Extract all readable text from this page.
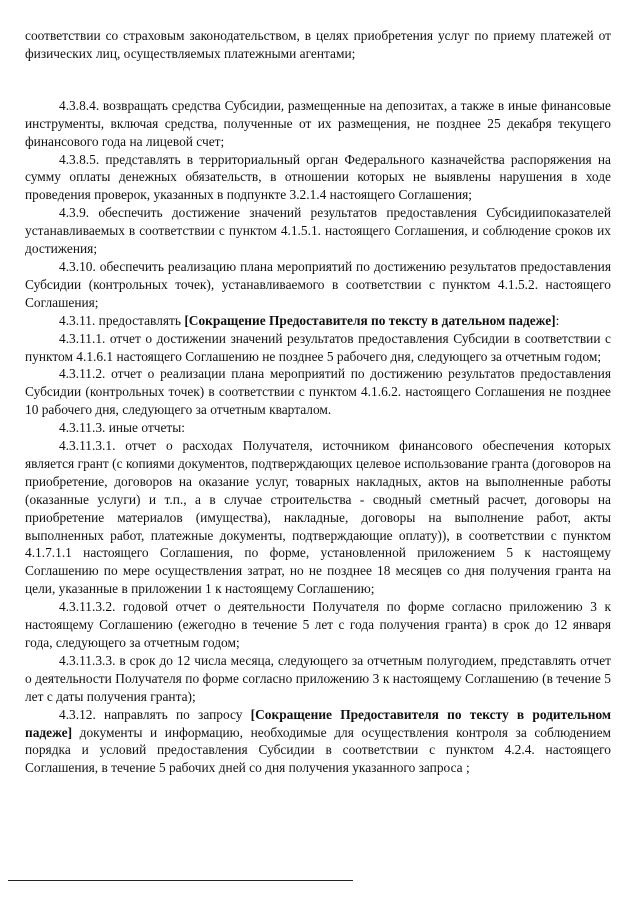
соответствии со страховым законодательством, в целях приобретения услуг по приему платежей от физических лиц, осуществляемых платежными агентами;

4.3.8.4. возвращать средства Субсидии, размещенные на депозитах, а также в иные финансовые инструменты, включая средства, полученные от их размещения, не позднее 25 декабря текущего финансового года на лицевой счет;

4.3.8.5. представлять в территориальный орган Федерального казначейства распоряжения на сумму оплаты денежных обязательств, в отношении которых не выявлены нарушения в ходе проведения проверок, указанных в подпункте 3.2.1.4 настоящего Соглашения;

4.3.9. обеспечить достижение значений результатов предоставления Субсидиипоказателей устанавливаемых в соответствии с пунктом 4.1.5.1. настоящего Соглашения, и соблюдение сроков их достижения;

4.3.10. обеспечить реализацию плана мероприятий по достижению результатов предоставления Субсидии (контрольных точек), устанавливаемого в соответствии с пунктом 4.1.5.2. настоящего Соглашения;

4.3.11. предоставлять [Сокращение Предоставителя по тексту в дательном падеже]:

4.3.11.1. отчет о достижении значений результатов предоставления Субсидии в соответствии с пунктом 4.1.6.1 настоящего Соглашению не позднее 5 рабочего дня, следующего за отчетным годом;

4.3.11.2. отчет о реализации плана мероприятий по достижению результатов предоставления Субсидии (контрольных точек) в соответствии с пунктом 4.1.6.2. настоящего Соглашения не позднее 10 рабочего дня, следующего за отчетным кварталом.

4.3.11.3. иные отчеты:

4.3.11.3.1. отчет о расходах Получателя, источником финансового обеспечения которых является грант (с копиями документов, подтверждающих целевое использование гранта (договоров на приобретение, договоров на оказание услуг, товарных накладных, актов на выполненные работы (оказанные услуги) и т.п., а в случае строительства - сводный сметный расчет, договоры на приобретение материалов (имущества), накладные, договоры на выполнение работ, акты выполненных работ, платежные документы, подтверждающие оплату)), в соответствии с пунктом 4.1.7.1.1 настоящего Соглашения, по форме, установленной приложением 5 к настоящему Соглашению по мере осуществления затрат, но не позднее 18 месяцев со дня получения гранта на цели, указанные в приложении 1 к настоящему Соглашению;

4.3.11.3.2. годовой отчет о деятельности Получателя по форме согласно приложению 3 к настоящему Соглашению (ежегодно в течение 5 лет с года получения гранта) в срок до 12 января года, следующего за отчетным годом;

4.3.11.3.3. в срок до 12 числа месяца, следующего за отчетным полугодием, представлять отчет о деятельности Получателя по форме согласно приложению 3 к настоящему Соглашению (в течение 5 лет с даты получения гранта);

4.3.12. направлять по запросу [Сокращение Предоставителя по тексту в родительном падеже] документы и информацию, необходимые для осуществления контроля за соблюдением порядка и условий предоставления Субсидии в соответствии с пунктом 4.2.4. настоящего Соглашения, в течение 5 рабочих дней со дня получения указанного запроса ;
